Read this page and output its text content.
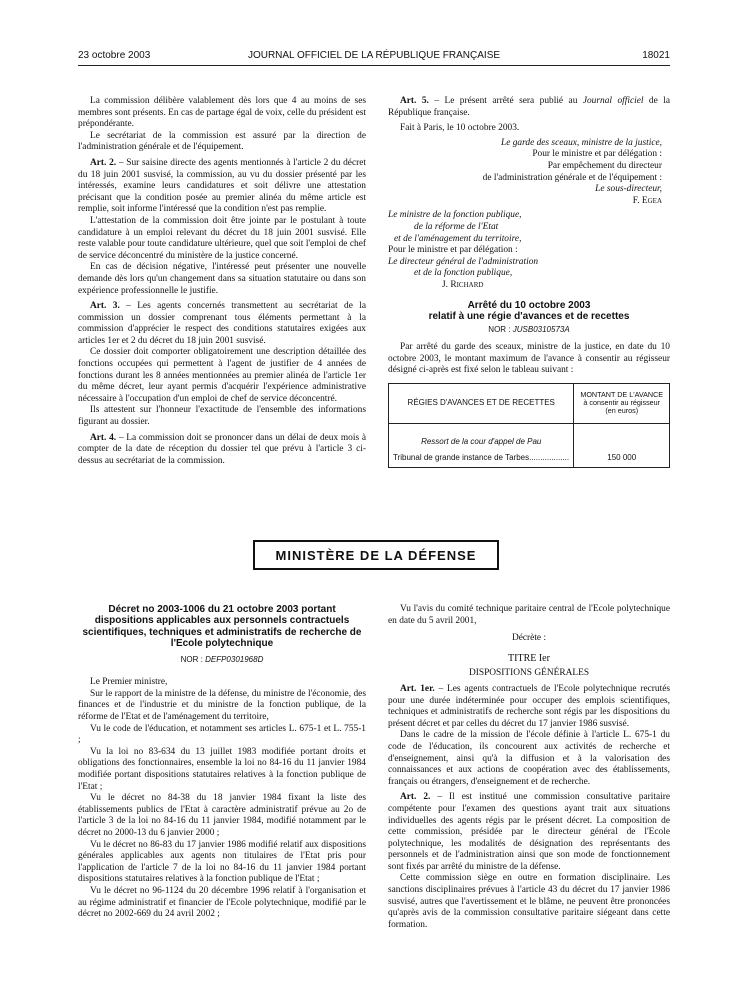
23 octobre 2003	JOURNAL OFFICIEL DE LA RÉPUBLIQUE FRANÇAISE	18021

La commission délibère valablement dès lors que 4 au moins de ses membres sont présents. En cas de partage égal de voix, celle du président est prépondérante.

Le secrétariat de la commission est assuré par la direction de l'administration générale et de l'équipement.

Art. 2. – Sur saisine directe des agents mentionnés à l'article 2 du décret du 18 juin 2001 susvisé, la commission, au vu du dossier présenté par les intéressés, examine leurs candidatures et soit délivre une attestation précisant que la condition posée au premier alinéa du même article est remplie, soit informe l'intéressé que la condition n'est pas remplie.

L'attestation de la commission doit être jointe par le postulant à toute candidature à un emploi relevant du décret du 18 juin 2001 susvisé. Elle reste valable pour toute candidature ultérieure, quel que soit l'emploi de chef de service déconcentré du ministère de la justice concerné.

En cas de décision négative, l'intéressé peut présenter une nouvelle demande dès lors qu'un changement dans sa situation statutaire ou dans son expérience professionnelle le justifie.

Art. 3. – Les agents concernés transmettent au secrétariat de la commission un dossier comprenant tous éléments permettant à la commission d'apprécier le respect des conditions statutaires exigées aux articles 1er et 2 du décret du 18 juin 2001 susvisé.

Ce dossier doit comporter obligatoirement une description détaillée des fonctions occupées qui permettent à l'agent de justifier de 4 années de fonctions durant les 8 années mentionnées au premier alinéa de l'article 1er du même décret, leur ayant permis d'acquérir l'expérience administrative nécessaire à l'occupation d'un emploi de chef de service déconcentré.

Ils attestent sur l'honneur l'exactitude de l'ensemble des informations figurant au dossier.

Art. 4. – La commission doit se prononcer dans un délai de deux mois à compter de la date de réception du dossier tel que prévu à l'article 3 ci-dessus au secrétariat de la commission.

Art. 5. – Le présent arrêté sera publié au Journal officiel de la République française.

Fait à Paris, le 10 octobre 2003.

Le garde des sceaux, ministre de la justice,
Pour le ministre et par délégation :
Par empêchement du directeur
de l'administration générale et de l'équipement :
Le sous-directeur,
F. Egea
Le ministre de la fonction publique,
de la réforme de l'Etat
et de l'aménagement du territoire,
Pour le ministre et par délégation :
Le directeur général de l'administration
et de la fonction publique,
J. Richard
Arrêté du 10 octobre 2003
relatif à une régie d'avances et de recettes
NOR : JUSB0310573A

Par arrêté du garde des sceaux, ministre de la justice, en date du 10 octobre 2003, le montant maximum de l'avance à consentir au régisseur désigné ci-après est fixé selon le tableau suivant :

RÉGIES D'AVANCES ET DE RECETTES	MONTANT DE L'AVANCE
à consentir au régisseur
(en euros)

Ressort de la cour d'appel de Pau
Tribunal de grande instance de Tarbes..................	150 000
MINISTÈRE DE LA DÉFENSE
Décret no 2003-1006 du 21 octobre 2003 portant dispositions applicables aux personnels contractuels scientifiques, techniques et administratifs de recherche de l'Ecole polytechnique
NOR : DEFP0301968D

Le Premier ministre,

Sur le rapport de la ministre de la défense, du ministre de l'économie, des finances et de l'industrie et du ministre de la fonction publique, de la réforme de l'Etat et de l'aménagement du territoire,

Vu le code de l'éducation, et notamment ses articles L. 675-1 et L. 755-1 ;

Vu la loi no 83-634 du 13 juillet 1983 modifiée portant droits et obligations des fonctionnaires, ensemble la loi no 84-16 du 11 janvier 1984 modifiée portant dispositions statutaires relatives à la fonction publique de l'Etat ;

Vu le décret no 84-38 du 18 janvier 1984 fixant la liste des établissements publics de l'Etat à caractère administratif prévue au 2o de l'article 3 de la loi no 84-16 du 11 janvier 1984, modifié notamment par le décret no 2000-13 du 6 janvier 2000 ;

Vu le décret no 86-83 du 17 janvier 1986 modifié relatif aux dispositions générales applicables aux agents non titulaires de l'Etat pris pour l'application de l'article 7 de la loi no 84-16 du 11 janvier 1984 portant dispositions statutaires relatives à la fonction publique de l'Etat ;

Vu le décret no 96-1124 du 20 décembre 1996 relatif à l'organisation et au régime administratif et financier de l'Ecole polytechnique, modifié par le décret no 2002-669 du 24 avril 2002 ;

Vu l'avis du comité technique paritaire central de l'Ecole polytechnique en date du 5 avril 2001,

Décrète :

TITRE Ier

DISPOSITIONS GÉNÉRALES

Art. 1er. – Les agents contractuels de l'Ecole polytechnique recrutés pour une durée indéterminée pour occuper des emplois scientifiques, techniques et administratifs de recherche sont régis par les dispositions du présent décret et par celles du décret du 17 janvier 1986 susvisé.

Dans le cadre de la mission de l'école définie à l'article L. 675-1 du code de l'éducation, ils concourent aux activités de recherche et d'enseignement, ainsi qu'à la diffusion et à la valorisation des connaissances et aux actions de coopération avec des établissements, français ou étrangers, d'enseignement et de recherche.

Art. 2. – Il est institué une commission consultative paritaire compétente pour l'examen des questions ayant trait aux situations individuelles des agents régis par le présent décret. La composition de cette commission, présidée par le directeur général de l'Ecole polytechnique, les modalités de désignation des représentants des personnels et de l'administration ainsi que son mode de fonctionnement sont fixés par arrêté du ministre de la défense.

Cette commission siège en outre en formation disciplinaire. Les sanctions disciplinaires prévues à l'article 43 du décret du 17 janvier 1986 susvisé, autres que l'avertissement et le blâme, ne peuvent être prononcées qu'après avis de la commission consultative paritaire siégeant dans cette formation.
